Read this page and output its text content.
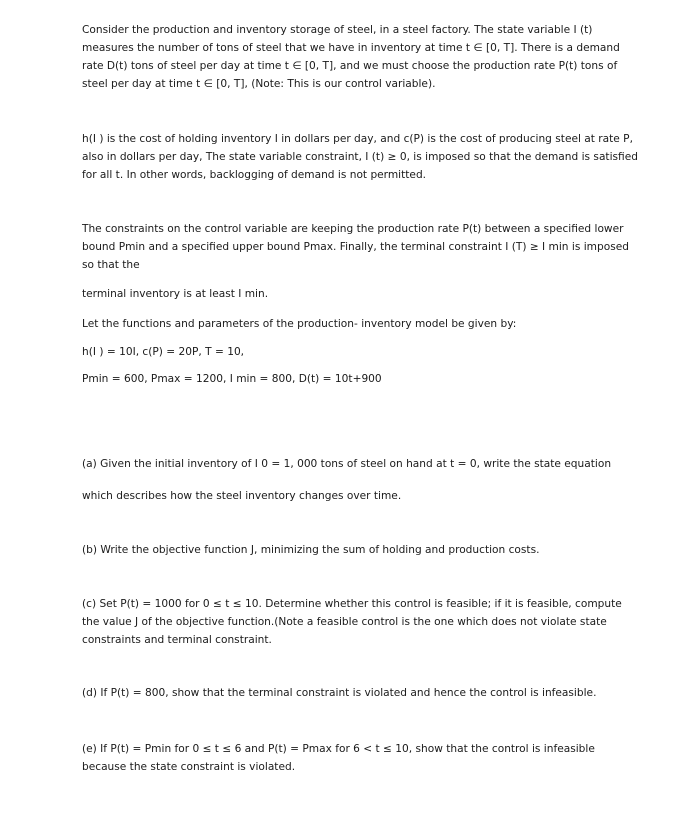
Consider the production and inventory storage of steel, in a steel factory. The state variable I (t) measures the number of tons of steel that we have in inventory at time t ∈ [0, T]. There is a demand rate D(t) tons of steel per day at time t ∈ [0, T], and we must choose the production rate P(t) tons of steel per day at time t ∈ [0, T], (Note: This is our control variable).

h(I ) is the cost of holding inventory I in dollars per day, and c(P) is the cost of producing steel at rate P, also in dollars per day, The state variable constraint, I (t) ≥ 0, is imposed so that the demand is satisfied for all t. In other words, backlogging of demand is not permitted.

The constraints on the control variable are keeping the production rate P(t) between a specified lower bound Pmin and a specified upper bound Pmax. Finally, the terminal constraint I (T) ≥ I min is imposed so that the

terminal inventory is at least I min.

Let the functions and parameters of the production- inventory model be given by:

h(I ) = 10I, c(P) = 20P, T = 10,

Pmin = 600, Pmax = 1200, I min = 800, D(t) = 10t+900

(a) Given the initial inventory of I 0 = 1, 000 tons of steel on hand at t = 0, write the state equation

which describes how the steel inventory changes over time.

(b) Write the objective function J, minimizing the sum of holding and production costs.

(c) Set P(t) = 1000 for 0 ≤ t ≤ 10. Determine whether this control is feasible; if it is feasible, compute the value J of the objective function.(Note a feasible control is the one which does not violate state constraints and terminal constraint.

(d) If P(t) = 800, show that the terminal constraint is violated and hence the control is infeasible.

(e) If P(t) = Pmin for 0 ≤ t ≤ 6 and P(t) = Pmax for 6 < t ≤ 10, show that the control is infeasible because the state constraint is violated.
